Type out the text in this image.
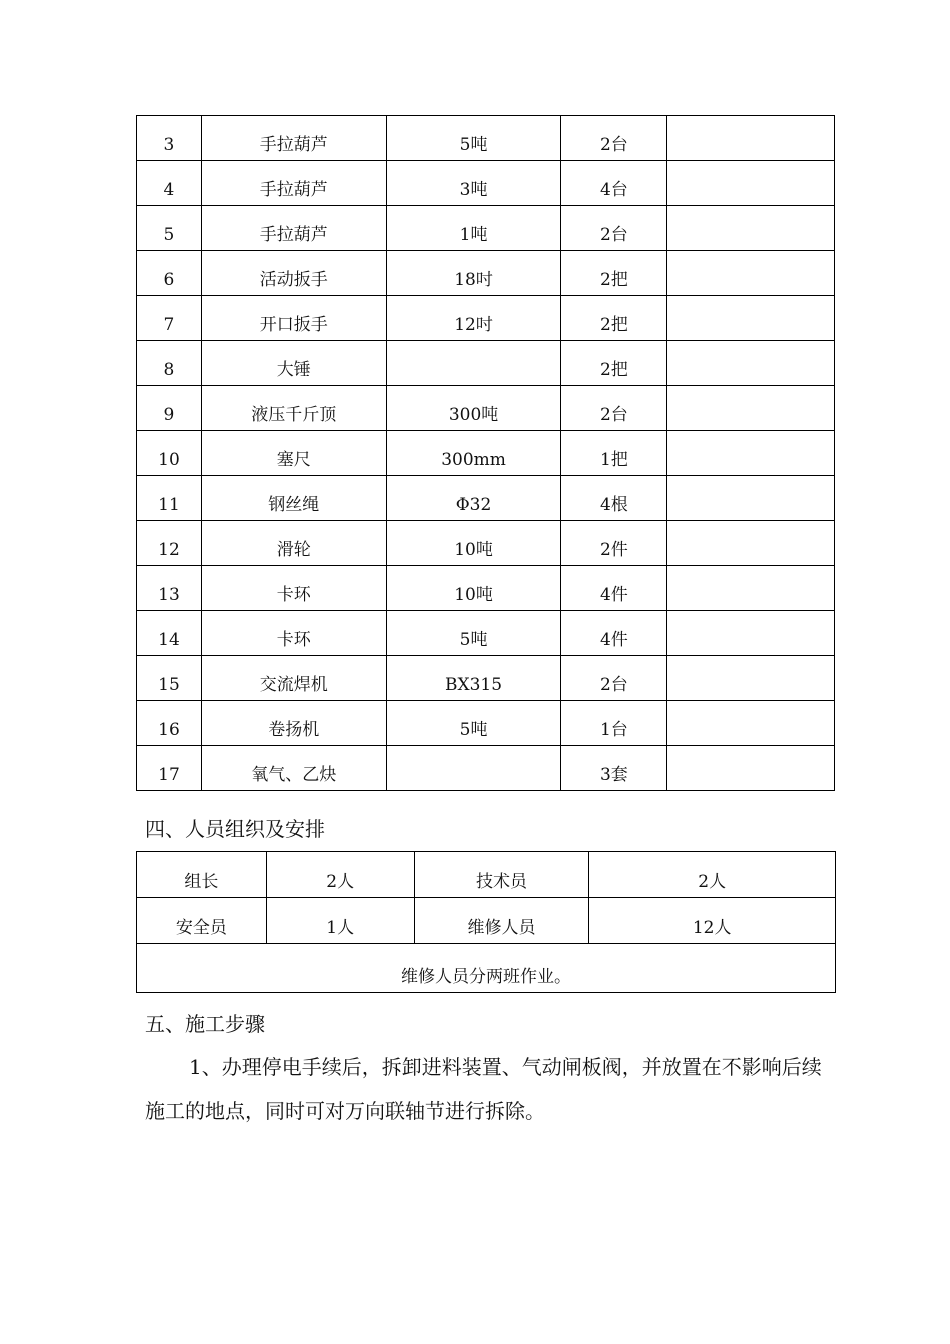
3	手拉葫芦	5吨	2台	
4	手拉葫芦	3吨	4台	
5	手拉葫芦	1吨	2台	
6	活动扳手	18吋	2把	
7	开口扳手	12吋	2把	
8	大锤		2把	
9	液压千斤顶	300吨	2台	
10	塞尺	300mm	1把	
11	钢丝绳	Φ32	4根	
12	滑轮	10吨	2件	
13	卡环	10吨	4件	
14	卡环	5吨	4件	
15	交流焊机	BX315	2台	
16	卷扬机	5吨	1台	
17	氧气、乙炔		3套	
四、人员组织及安排
组长	2人	技术员	2人
安全员	1人	维修人员	12人
维修人员分两班作业。			
五、施工步骤
1、办理停电手续后，拆卸进料装置、气动闸板阀，并放置在不影响后续施工的地点，同时可对万向联轴节进行拆除。
